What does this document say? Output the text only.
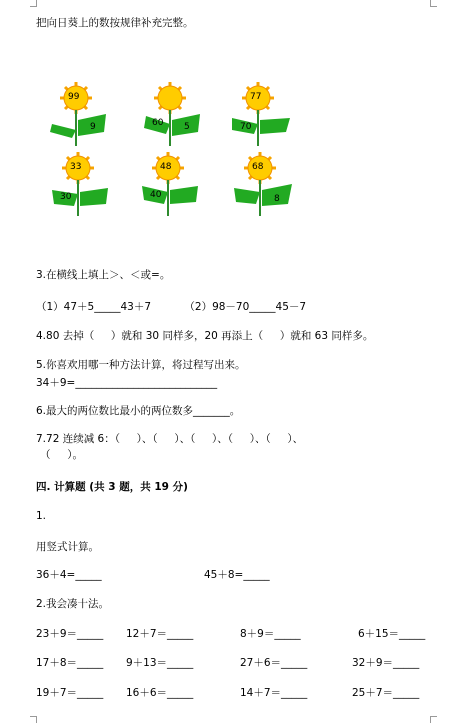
把向日葵上的数按规律补充完整。
99
9	60 5
77
70
33
30
48
40
68
8
3.在横线上填上＞、＜或=。
（1）47＋5_____43＋7          （2）98－70_____45－7
4.80 去掉（     ）就和 30 同样多，20 再添上（     ）就和 63 同样多。
5.你喜欢用哪一种方法计算，将过程写出来。
34＋9=___________________________
6.最大的两位数比最小的两位数多_______。
7.72 连续减 6：（     ）、（     ）、（     ）、（     ）、（     ）、
（     ）。
四. 计算题 (共 3 题，共 19 分)
1.
用竖式计算。
36＋4=_____	45＋8=_____
2.我会凑十法。
23＋9＝_____ 12＋7＝_____	8＋9＝_____	6＋15＝_____
17＋8＝_____ 9＋13＝_____	27＋6＝_____	32＋9＝_____
19＋7＝_____ 16＋6＝_____	14＋7＝_____	25＋7＝_____
